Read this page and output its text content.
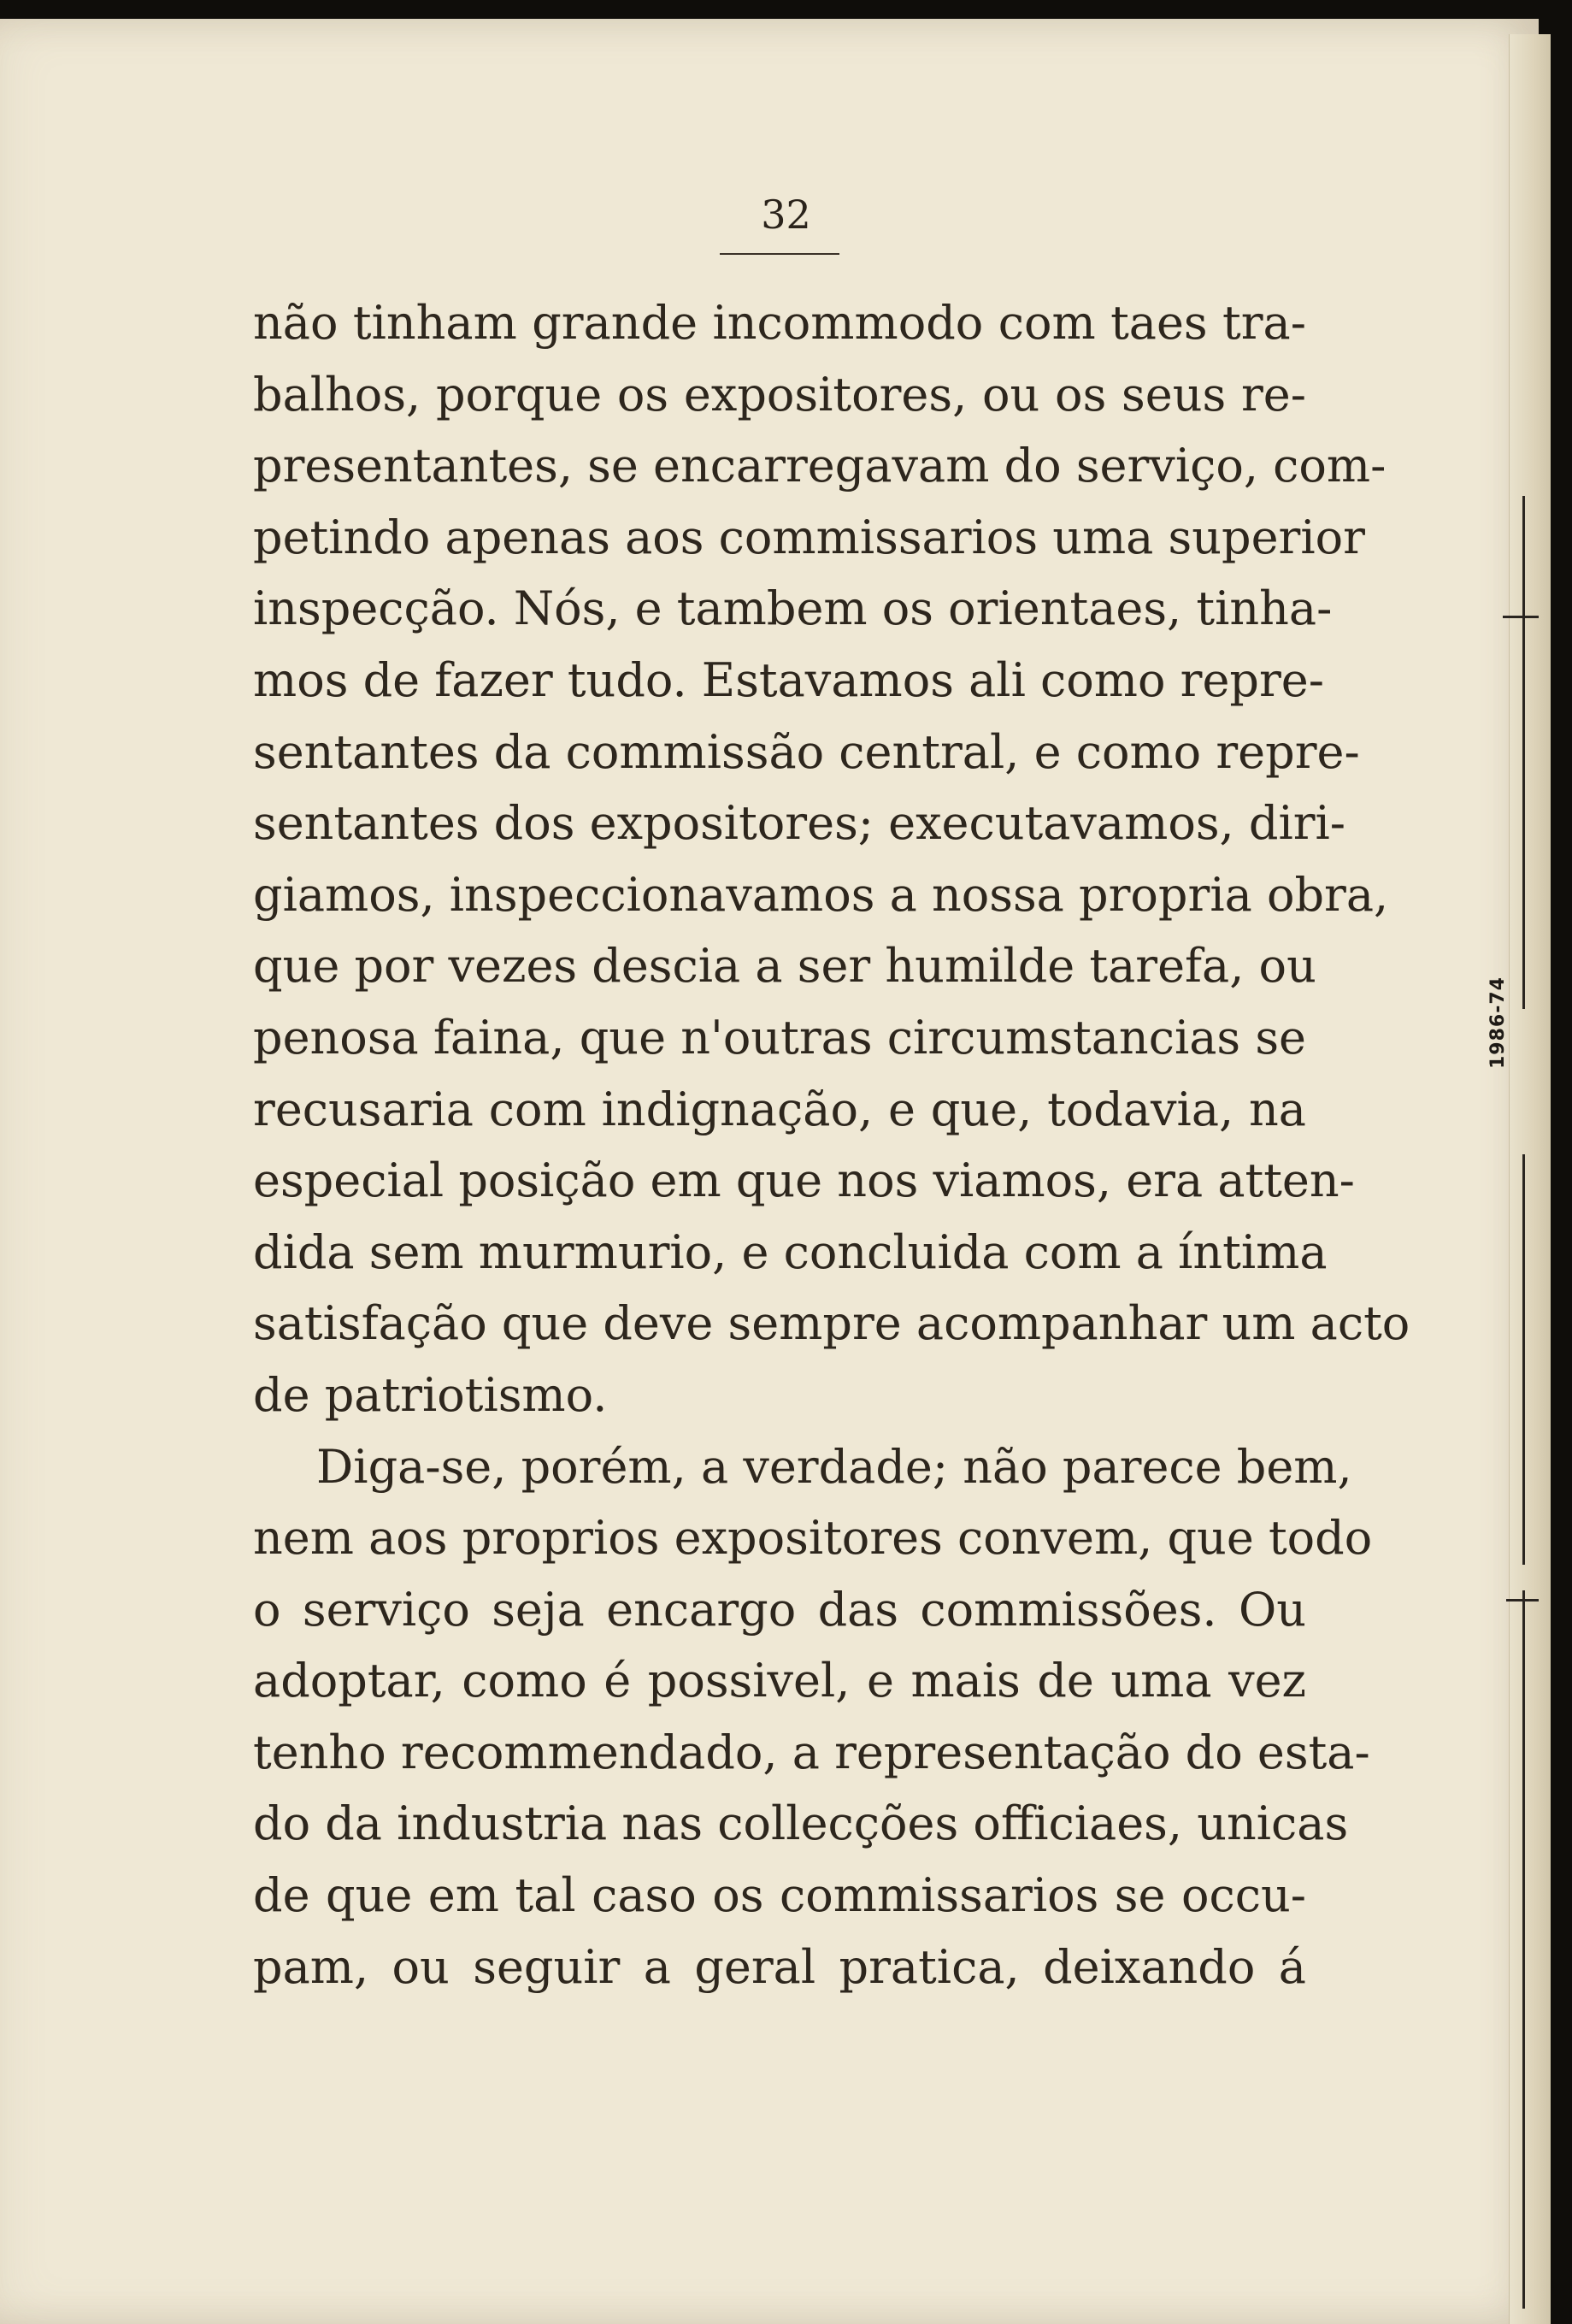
1986-74
32
não tinham grande incommodo com taes tra-
balhos, porque os expositores, ou os seus re-
presentantes, se encarregavam do serviço, com-
petindo apenas aos commissarios uma superior
inspecção. Nós, e tambem os orientaes, tinha-
mos de fazer tudo. Estavamos ali como repre-
sentantes da commissão central, e como repre-
sentantes dos expositores; executavamos, diri-
giamos, inspeccionavamos a nossa propria obra,
que por vezes descia a ser humilde tarefa, ou
penosa faina, que n'outras circumstancias se
recusaria com indignação, e que, todavia, na
especial posição em que nos viamos, era atten-
dida sem murmurio, e concluida com a íntima
satisfação que deve sempre acompanhar um acto
de patriotismo.
Diga-se, porém, a verdade; não parece bem,
nem aos proprios expositores convem, que todo
o serviço seja encargo das commissões. Ou
adoptar, como é possivel, e mais de uma vez
tenho recommendado, a representação do esta-
do da industria nas collecções officiaes, unicas
de que em tal caso os commissarios se occu-
pam, ou seguir a geral pratica, deixando á
